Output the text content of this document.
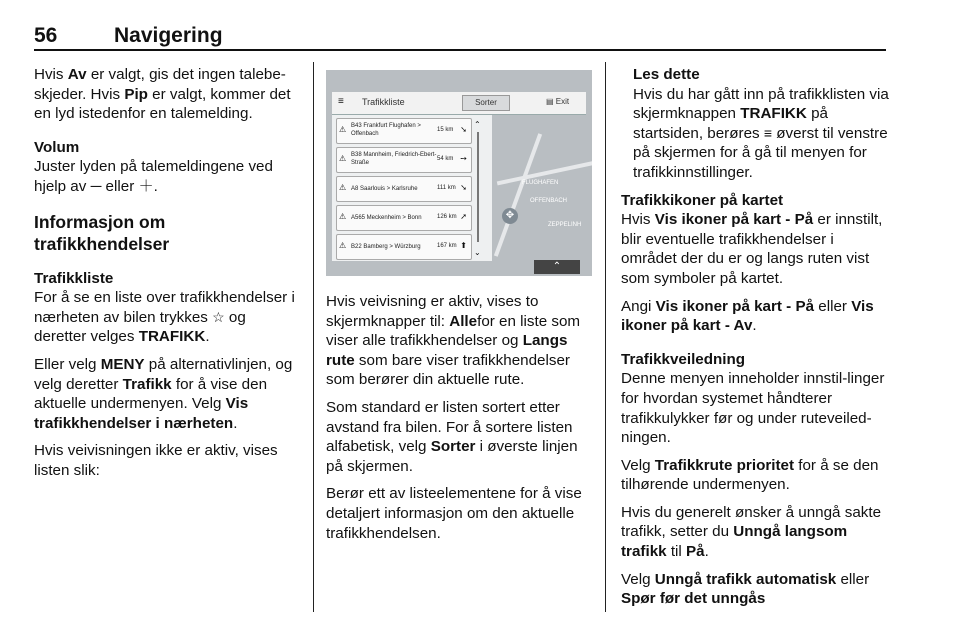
56	Navigering

Hvis Av er valgt, gis det ingen talebe-skjeder. Hvis Pip er valgt, kommer det en lyd istedenfor en talemelding.

Volum

Juster lyden på talemeldingene ved hjelp av ─ eller ＋.

Informasjon om trafikkhendelser
Trafikkliste

For å se en liste over trafikkhendelser i nærheten av bilen trykkes ☆ og deretter velges TRAFIKK.

Eller velg MENY på alternativlinjen, og velg deretter Trafikk for å vise den aktuelle undermenyen. Velg Vis trafikkhendelser i nærheten.

Hvis veivisningen ikke er aktiv, vises listen slik:

FLUGHAFEN
OFFENBACH
ZEPPELINH
✥
≡ Trafikkliste	Sorter	▤ Exit
⚠ B43 Frankfurt Flughafen > Offenbach
15 km ➘
⚠ B38 Mannheim, Friedrich-Ebert-Straße
54 km ➙
⚠ A8 Saarlouis > Karlsruhe	111 km ➘
⚠ A565 Meckenheim > Bonn	126 km ➚
⚠ B22 Bamberg > Würzburg	167 km ⬆
⌃
⌄
⌃

Hvis veivisning er aktiv, vises to skjermknapper til: Allefor en liste som viser alle trafikkhendelser og Langs rute som bare viser trafikkhendelser som berører din aktuelle rute.

Som standard er listen sortert etter avstand fra bilen. For å sortere listen alfabetisk, velg Sorter i øverste linjen på skjermen.

Berør ett av listeelementene for å vise detaljert informasjon om den aktuelle trafikkhendelsen.

Les dette

Hvis du har gått inn på trafikklisten via skjermknappen TRAFIKK på startsiden, berøres ≡ øverst til venstre på skjermen for å gå til menyen for trafikkinnstillinger.

Trafikkikoner på kartet

Hvis Vis ikoner på kart - På er innstilt, blir eventuelle trafikkhendelser i området der du er og langs ruten vist som symboler på kartet.

Angi Vis ikoner på kart - På eller Vis ikoner på kart - Av.

Trafikkveiledning

Denne menyen inneholder innstil-linger for hvordan systemet håndterer trafikkulykker før og under ruteveiled-ningen.

Velg Trafikkrute prioritet for å se den tilhørende undermenyen.

Hvis du generelt ønsker å unngå sakte trafikk, setter du Unngå langsom trafikk til På.

Velg Unngå trafikk automatisk eller Spør før det unngås
